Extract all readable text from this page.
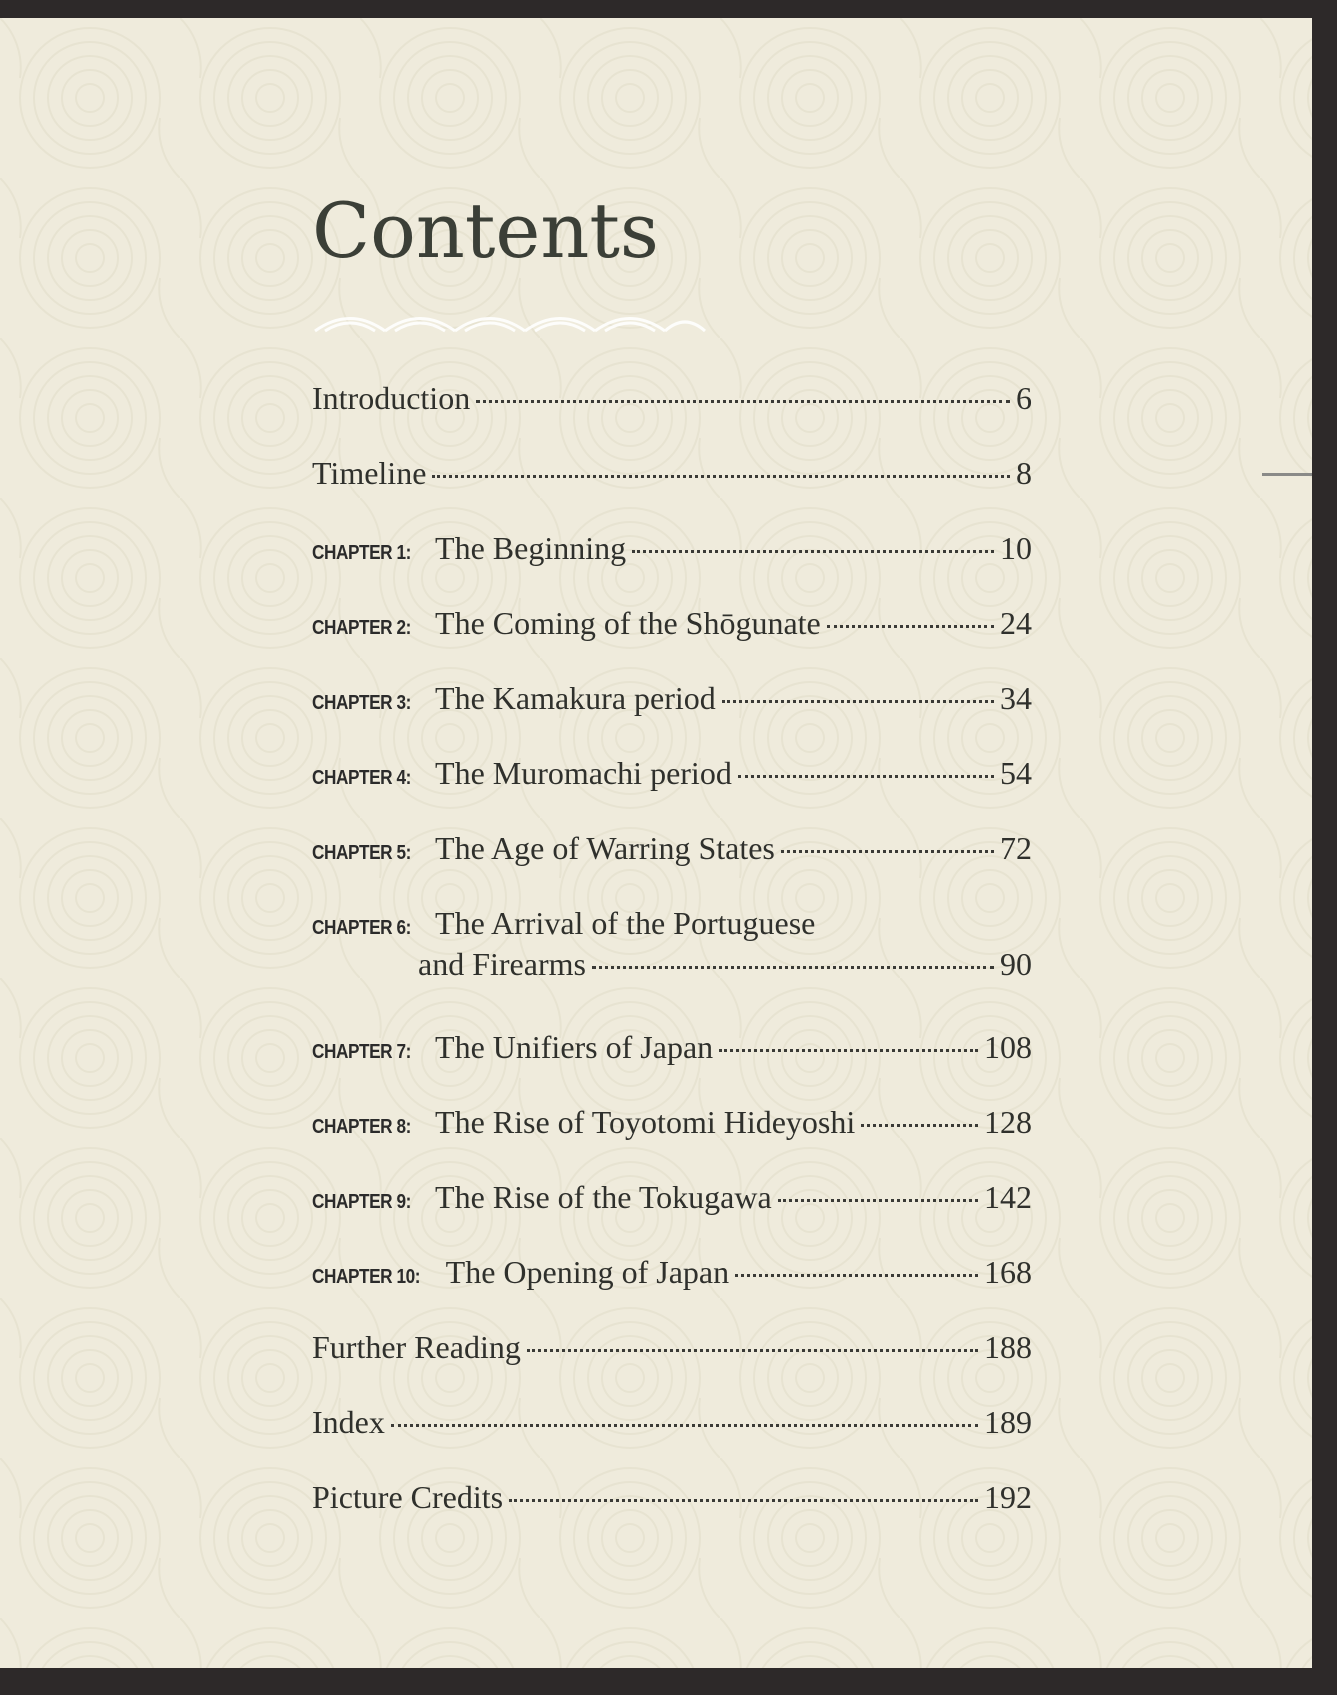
Contents
Introduction	6
Timeline	8
CHAPTER 1: The Beginning	10
CHAPTER 2: The Coming of the Shōgunate	24
CHAPTER 3: The Kamakura period	34
CHAPTER 4: The Muromachi period	54
CHAPTER 5: The Age of Warring States	72
CHAPTER 6: The Arrival of the Portuguese
and Firearms	90
CHAPTER 7: The Unifiers of Japan	108
CHAPTER 8: The Rise of Toyotomi Hideyoshi	128
CHAPTER 9: The Rise of the Tokugawa	142
CHAPTER 10: The Opening of Japan	168
Further Reading	188
Index	189
Picture Credits	192
